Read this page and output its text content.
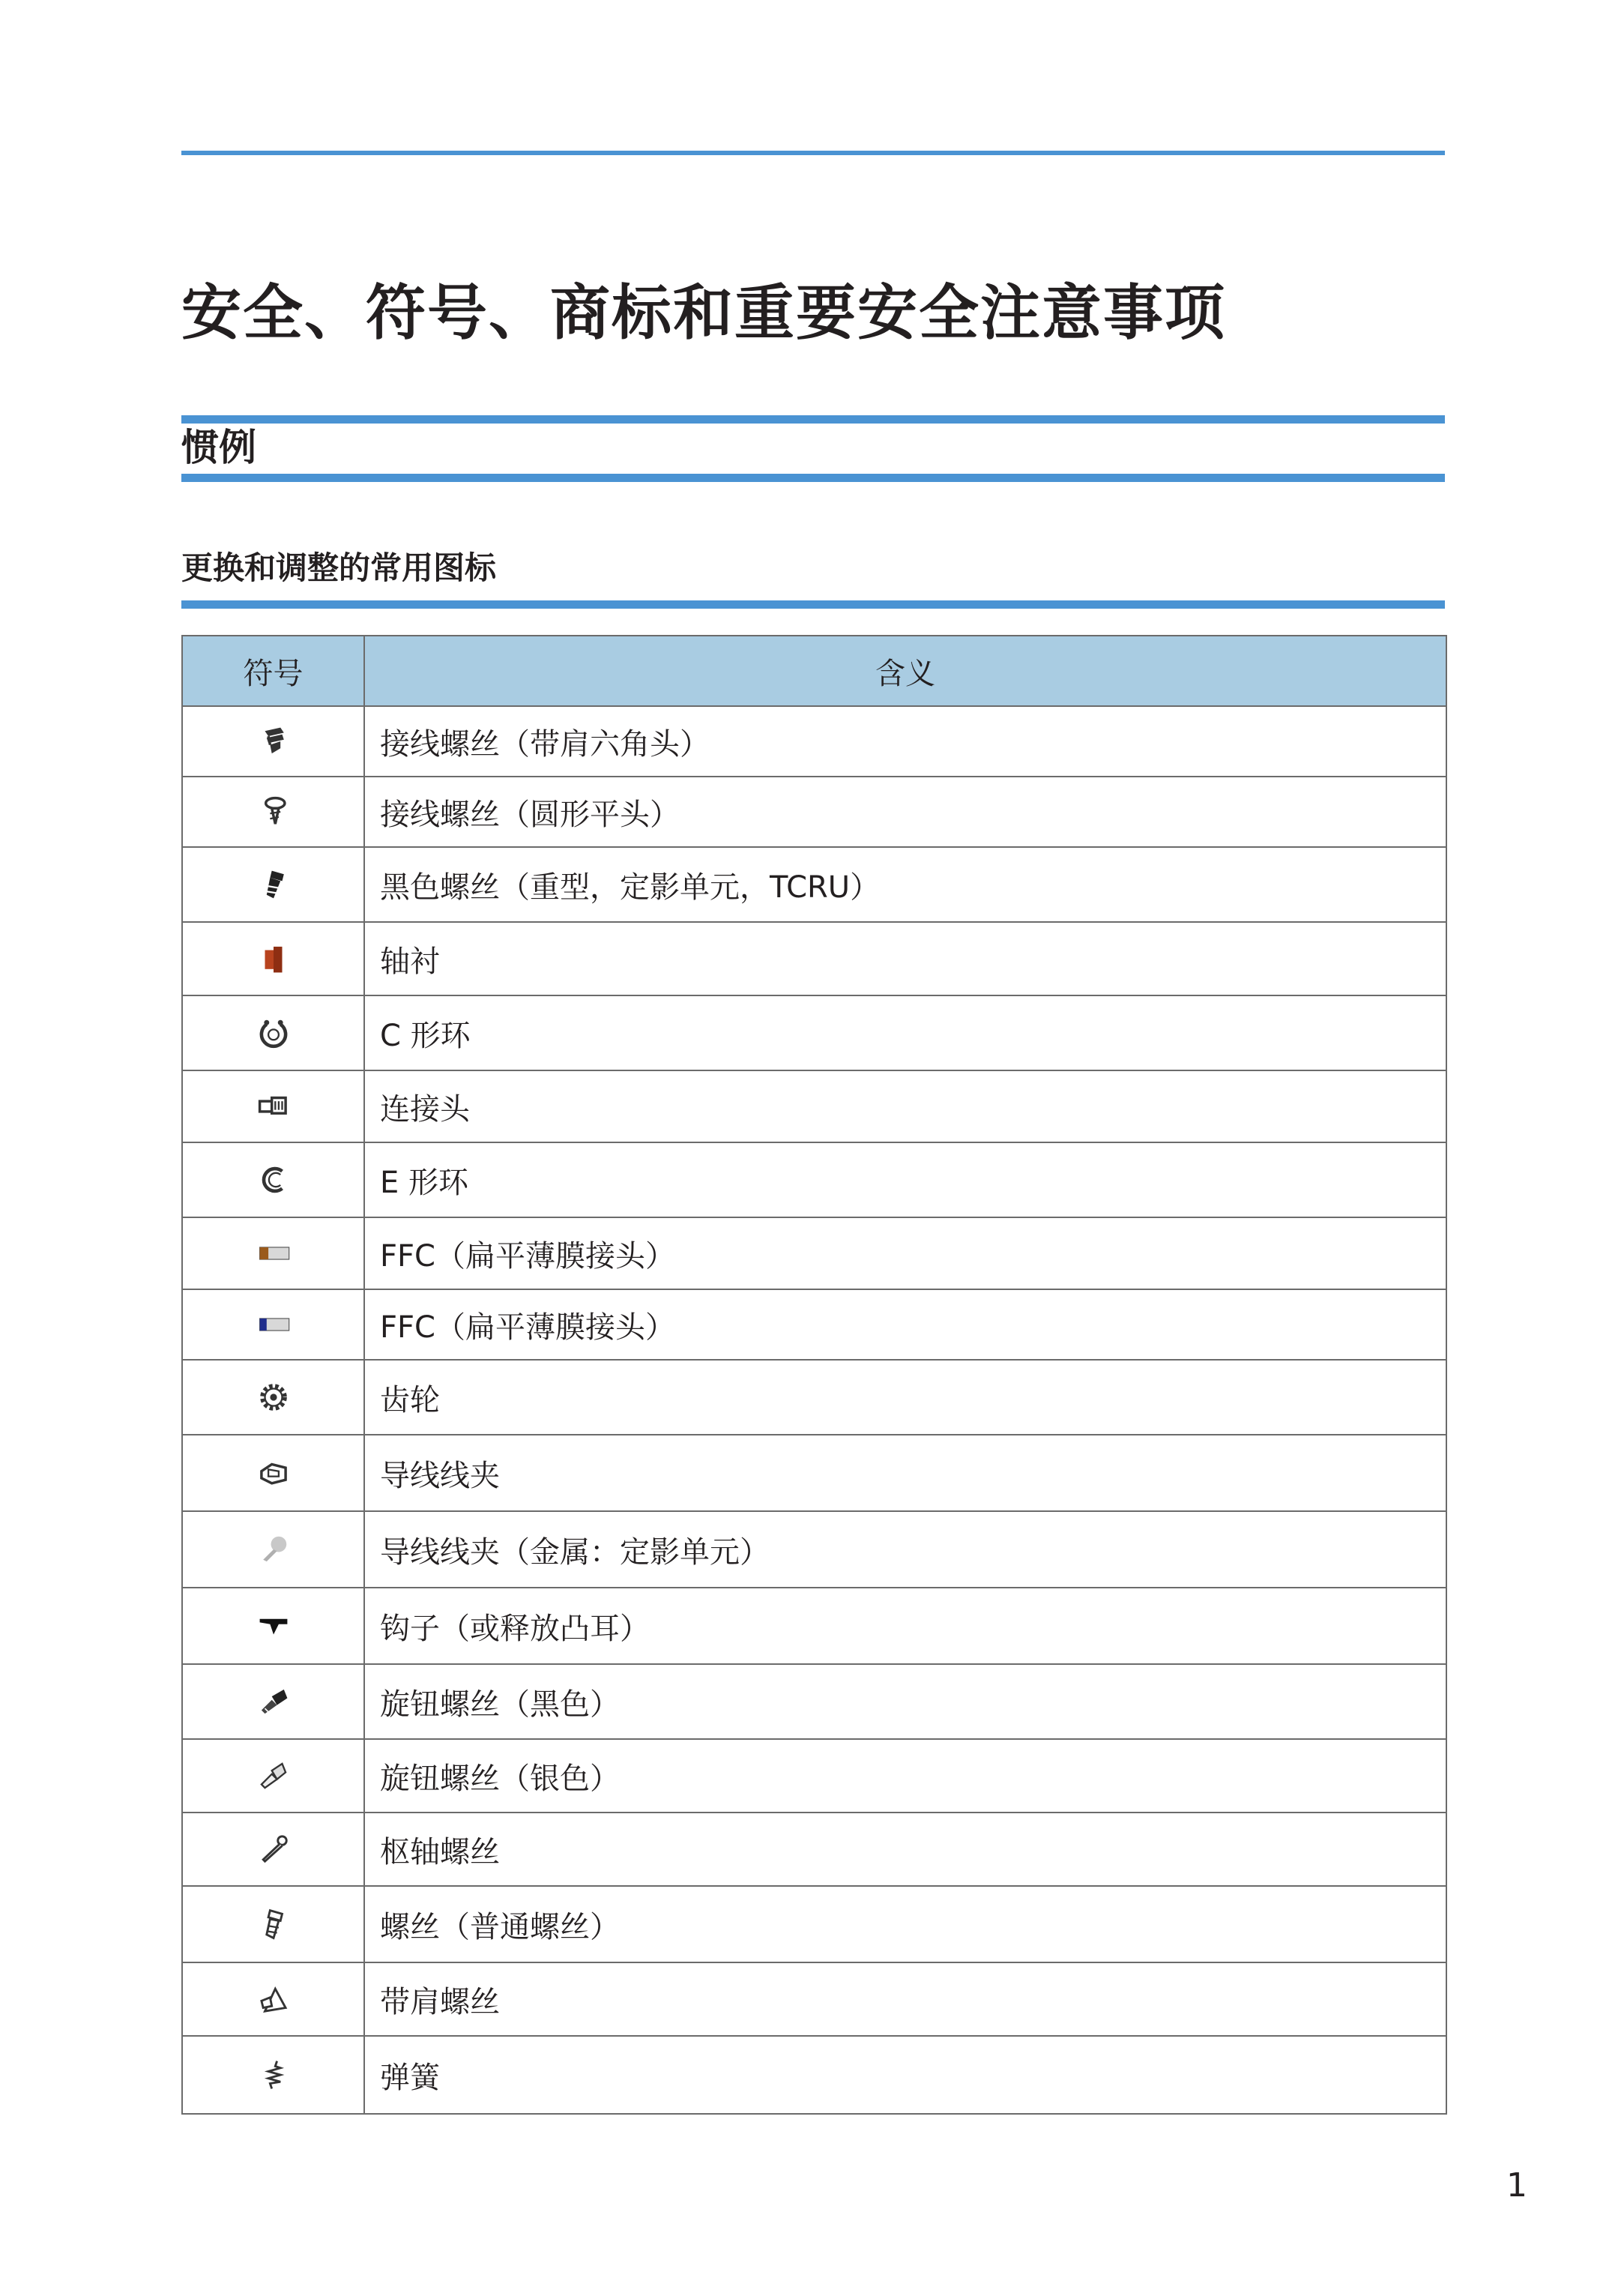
安全、符号、商标和重要安全注意事项
惯例
更换和调整的常用图标
符号	含义
	接线螺丝（带肩六角头）
	接线螺丝（圆形平头）
	黑色螺丝（重型，定影单元，TCRU）
	轴衬
	C 形环
	连接头
	E 形环
	FFC（扁平薄膜接头）
	FFC（扁平薄膜接头）
	齿轮
	导线线夹
	导线线夹（金属：定影单元）
	钩子（或释放凸耳）
	旋钮螺丝（黑色）
	旋钮螺丝（银色）
	枢轴螺丝
	螺丝（普通螺丝）
	带肩螺丝
	弹簧
1
